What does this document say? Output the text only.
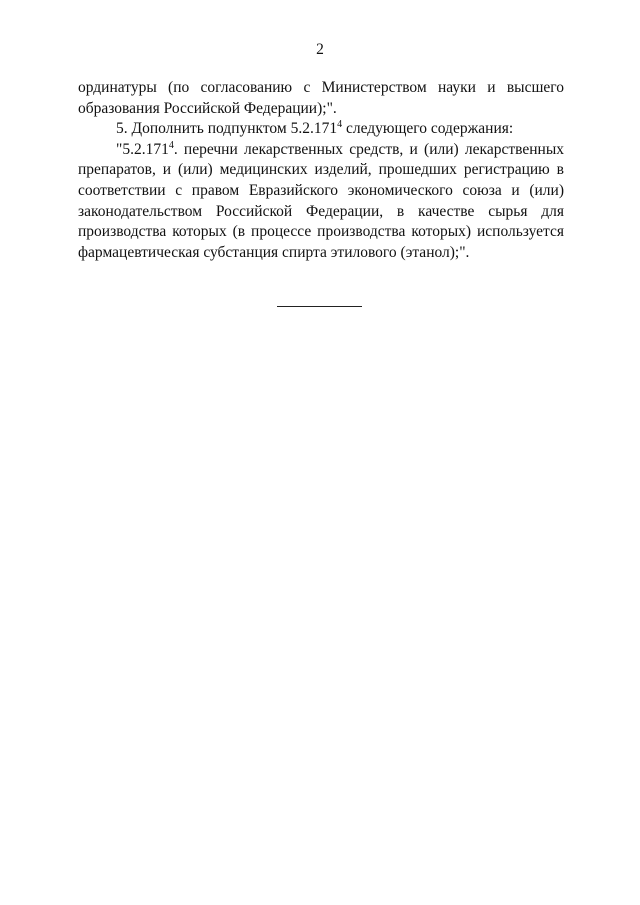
2

ординатуры (по согласованию с Министерством науки и высшего образования Российской Федерации);".

5. Дополнить подпунктом 5.2.171$^4$ следующего содержания:

"5.2.171$^4$. перечни лекарственных средств, и (или) лекарственных препаратов, и (или) медицинских изделий, прошедших регистрацию в соответствии с правом Евразийского экономического союза и (или) законодательством Российской Федерации, в качестве сырья для производства которых (в процессе производства которых) используется фармацевтическая субстанция спирта этилового (этанол);".
